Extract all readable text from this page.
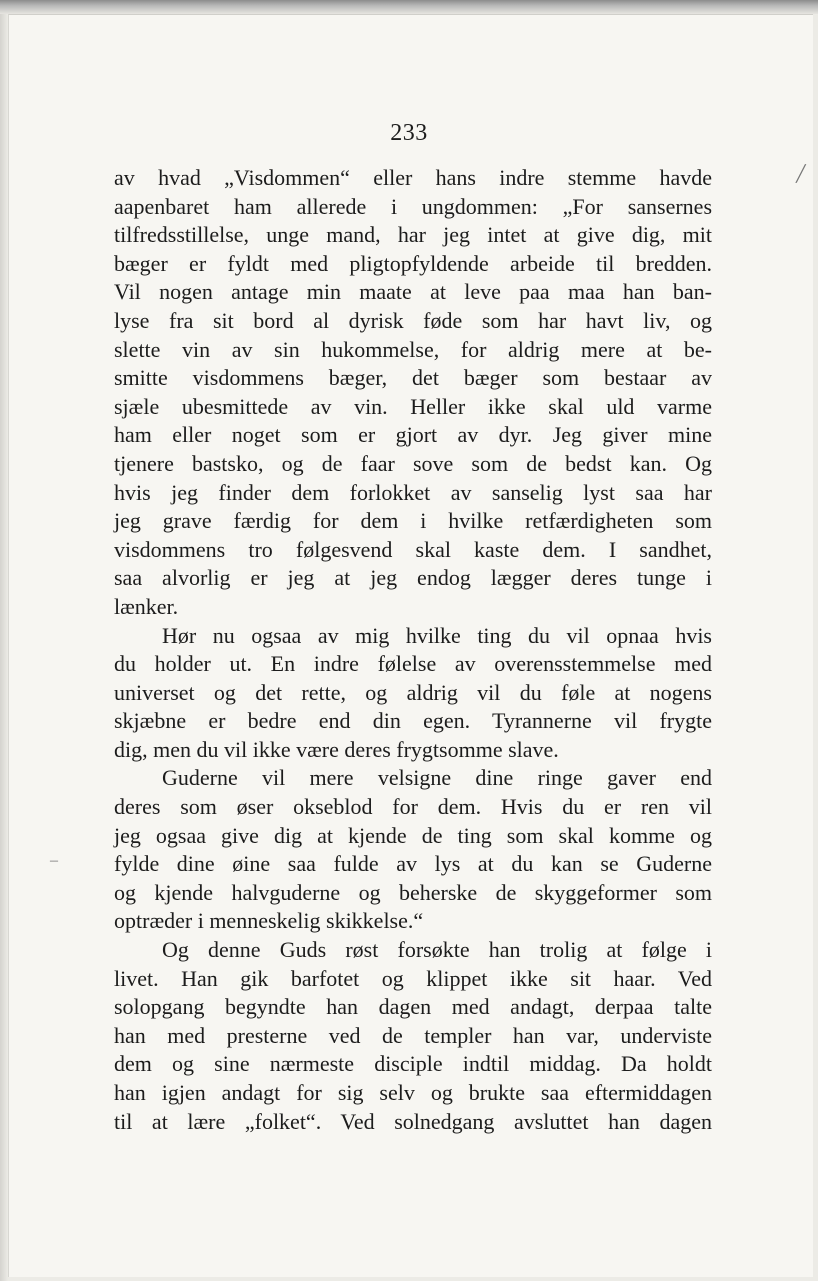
233
av hvad „Visdommen“ eller hans indre stemme havde
aapenbaret ham allerede i ungdommen: „For sansernes
tilfredsstillelse, unge mand, har jeg intet at give dig, mit
bæger er fyldt med pligtopfyldende arbeide til bredden.
Vil nogen antage min maate at leve paa maa han ban-
lyse fra sit bord al dyrisk føde som har havt liv, og
slette vin av sin hukommelse, for aldrig mere at be-
smitte visdommens bæger, det bæger som bestaar av
sjæle ubesmittede av vin. Heller ikke skal uld varme
ham eller noget som er gjort av dyr. Jeg giver mine
tjenere bastsko, og de faar sove som de bedst kan. Og
hvis jeg finder dem forlokket av sanselig lyst saa har
jeg grave færdig for dem i hvilke retfærdigheten som
visdommens tro følgesvend skal kaste dem. I sandhet,
saa alvorlig er jeg at jeg endog lægger deres tunge i
lænker.
Hør nu ogsaa av mig hvilke ting du vil opnaa hvis
du holder ut. En indre følelse av overensstemmelse med
universet og det rette, og aldrig vil du føle at nogens
skjæbne er bedre end din egen. Tyrannerne vil frygte
dig, men du vil ikke være deres frygtsomme slave.
Guderne vil mere velsigne dine ringe gaver end
deres som øser okseblod for dem. Hvis du er ren vil
jeg ogsaa give dig at kjende de ting som skal komme og
fylde dine øine saa fulde av lys at du kan se Guderne
og kjende halvguderne og beherske de skyggeformer som
optræder i menneskelig skikkelse.“
Og denne Guds røst forsøkte han trolig at følge i
livet. Han gik barfotet og klippet ikke sit haar. Ved
solopgang begyndte han dagen med andagt, derpaa talte
han med presterne ved de templer han var, underviste
dem og sine nærmeste disciple indtil middag. Da holdt
han igjen andagt for sig selv og brukte saa eftermiddagen
til at lære „folket“. Ved solnedgang avsluttet han dagen
╱
–
